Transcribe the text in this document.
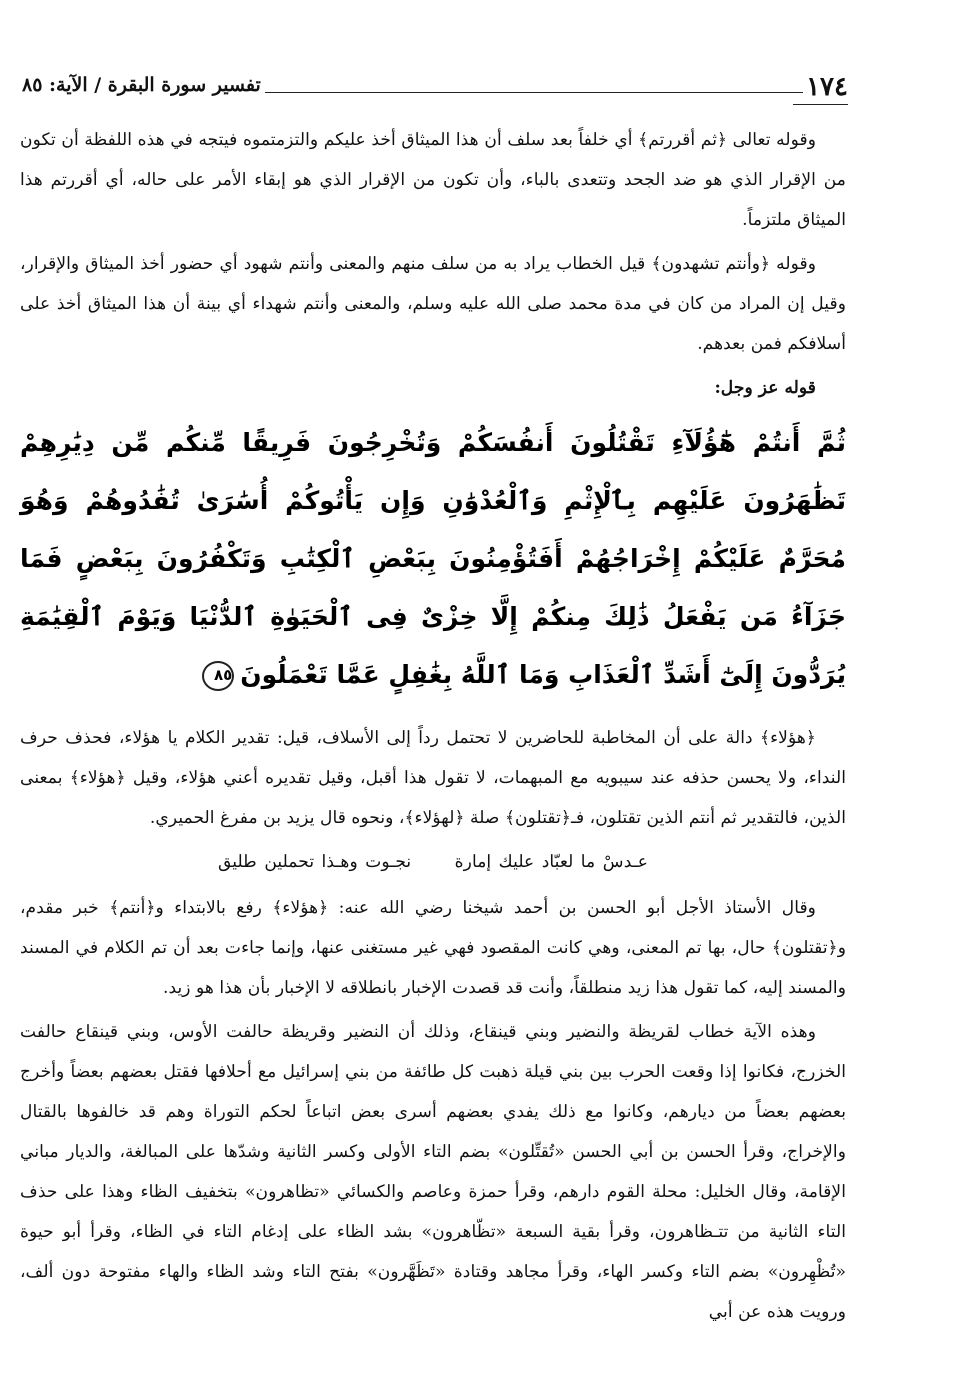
١٧٤
تفسير سورة البقرة / الآية: ٨٥

وقوله تعالى ﴿ثم أقررتم﴾ أي خلفاً بعد سلف أن هذا الميثاق أخذ عليكم والتزمتموه فيتجه في هذه اللفظة أن تكون من الإقرار الذي هو ضد الجحد وتتعدى بالباء، وأن تكون من الإقرار الذي هو إبقاء الأمر على حاله، أي أقررتم هذا الميثاق ملتزماً.

وقوله ﴿وأنتم تشهدون﴾ قيل الخطاب يراد به من سلف منهم والمعنى وأنتم شهود أي حضور أخذ الميثاق والإقرار، وقيل إن المراد من كان في مدة محمد صلى الله عليه وسلم، والمعنى وأنتم شهداء أي بينة أن هذا الميثاق أخذ على أسلافكم فمن بعدهم.

قوله عز وجل:

ثُمَّ أَنتُمْ هَٰٓؤُلَآءِ تَقْتُلُونَ أَنفُسَكُمْ وَتُخْرِجُونَ فَرِيقًا مِّنكُم مِّن دِيَٰرِهِمْ تَظَٰهَرُونَ عَلَيْهِم بِٱلْإِثْمِ وَٱلْعُدْوَٰنِ وَإِن يَأْتُوكُمْ أُسَٰرَىٰ تُفَٰدُوهُمْ وَهُوَ مُحَرَّمٌ عَلَيْكُمْ إِخْرَاجُهُمْ أَفَتُؤْمِنُونَ بِبَعْضِ ٱلْكِتَٰبِ وَتَكْفُرُونَ بِبَعْضٍ فَمَا جَزَآءُ مَن يَفْعَلُ ذَٰلِكَ مِنكُمْ إِلَّا خِزْىٌ فِى ٱلْحَيَوٰةِ ٱلدُّنْيَا وَيَوْمَ ٱلْقِيَٰمَةِ يُرَدُّونَ إِلَىٰٓ أَشَدِّ ٱلْعَذَابِ وَمَا ٱللَّهُ بِغَٰفِلٍ عَمَّا تَعْمَلُونَ٨٥

﴿هؤلاء﴾ دالة على أن المخاطبة للحاضرين لا تحتمل رداً إلى الأسلاف، قيل: تقدير الكلام يا هؤلاء، فحذف حرف النداء، ولا يحسن حذفه عند سيبويه مع المبهمات، لا تقول هذا أقبل، وقيل تقديره أعني هؤلاء، وقيل ﴿هؤلاء﴾ بمعنى الذين، فالتقدير ثم أنتم الذين تقتلون، فـ﴿تقتلون﴾ صلة ﴿لهؤلاء﴾، ونحوه قال يزيد بن مفرغ الحميري.

عـدسْ ما لعبّاد عليك إمارة نجـوت وهـذا تحملين طليق

وقال الأستاذ الأجل أبو الحسن بن أحمد شيخنا رضي الله عنه: ﴿هؤلاء﴾ رفع بالابتداء و﴿أنتم﴾ خبر مقدم، و﴿تقتلون﴾ حال، بها تم المعنى، وهي كانت المقصود فهي غير مستغنى عنها، وإنما جاءت بعد أن تم الكلام في المسند والمسند إليه، كما تقول هذا زيد منطلقاً، وأنت قد قصدت الإخبار بانطلاقه لا الإخبار بأن هذا هو زيد.

وهذه الآية خطاب لقريظة والنضير وبني قينقاع، وذلك أن النضير وقريظة حالفت الأوس، وبني قينقاع حالفت الخزرج، فكانوا إذا وقعت الحرب بين بني قيلة ذهبت كل طائفة من بني إسرائيل مع أحلافها فقتل بعضهم بعضاً وأخرج بعضهم بعضاً من ديارهم، وكانوا مع ذلك يفدي بعضهم أسرى بعض اتباعاً لحكم التوراة وهم قد خالفوها بالقتال والإخراج، وقرأ الحسن بن أبي الحسن «تُقتِّلون» بضم التاء الأولى وكسر الثانية وشدّها على المبالغة، والديار مباني الإقامة، وقال الخليل: محلة القوم دارهم، وقرأ حمزة وعاصم والكسائي «تظاهرون» بتخفيف الظاء وهذا على حذف التاء الثانية من تتـظاهرون، وقرأ بقية السبعة «تظّاهرون» بشد الظاء على إدغام التاء في الظاء، وقرأ أبو حيوة «تُظْهِرون» بضم التاء وكسر الهاء، وقرأ مجاهد وقتادة «تَظَهَّرون» بفتح التاء وشد الظاء والهاء مفتوحة دون ألف، ورويت هذه عن أبي
